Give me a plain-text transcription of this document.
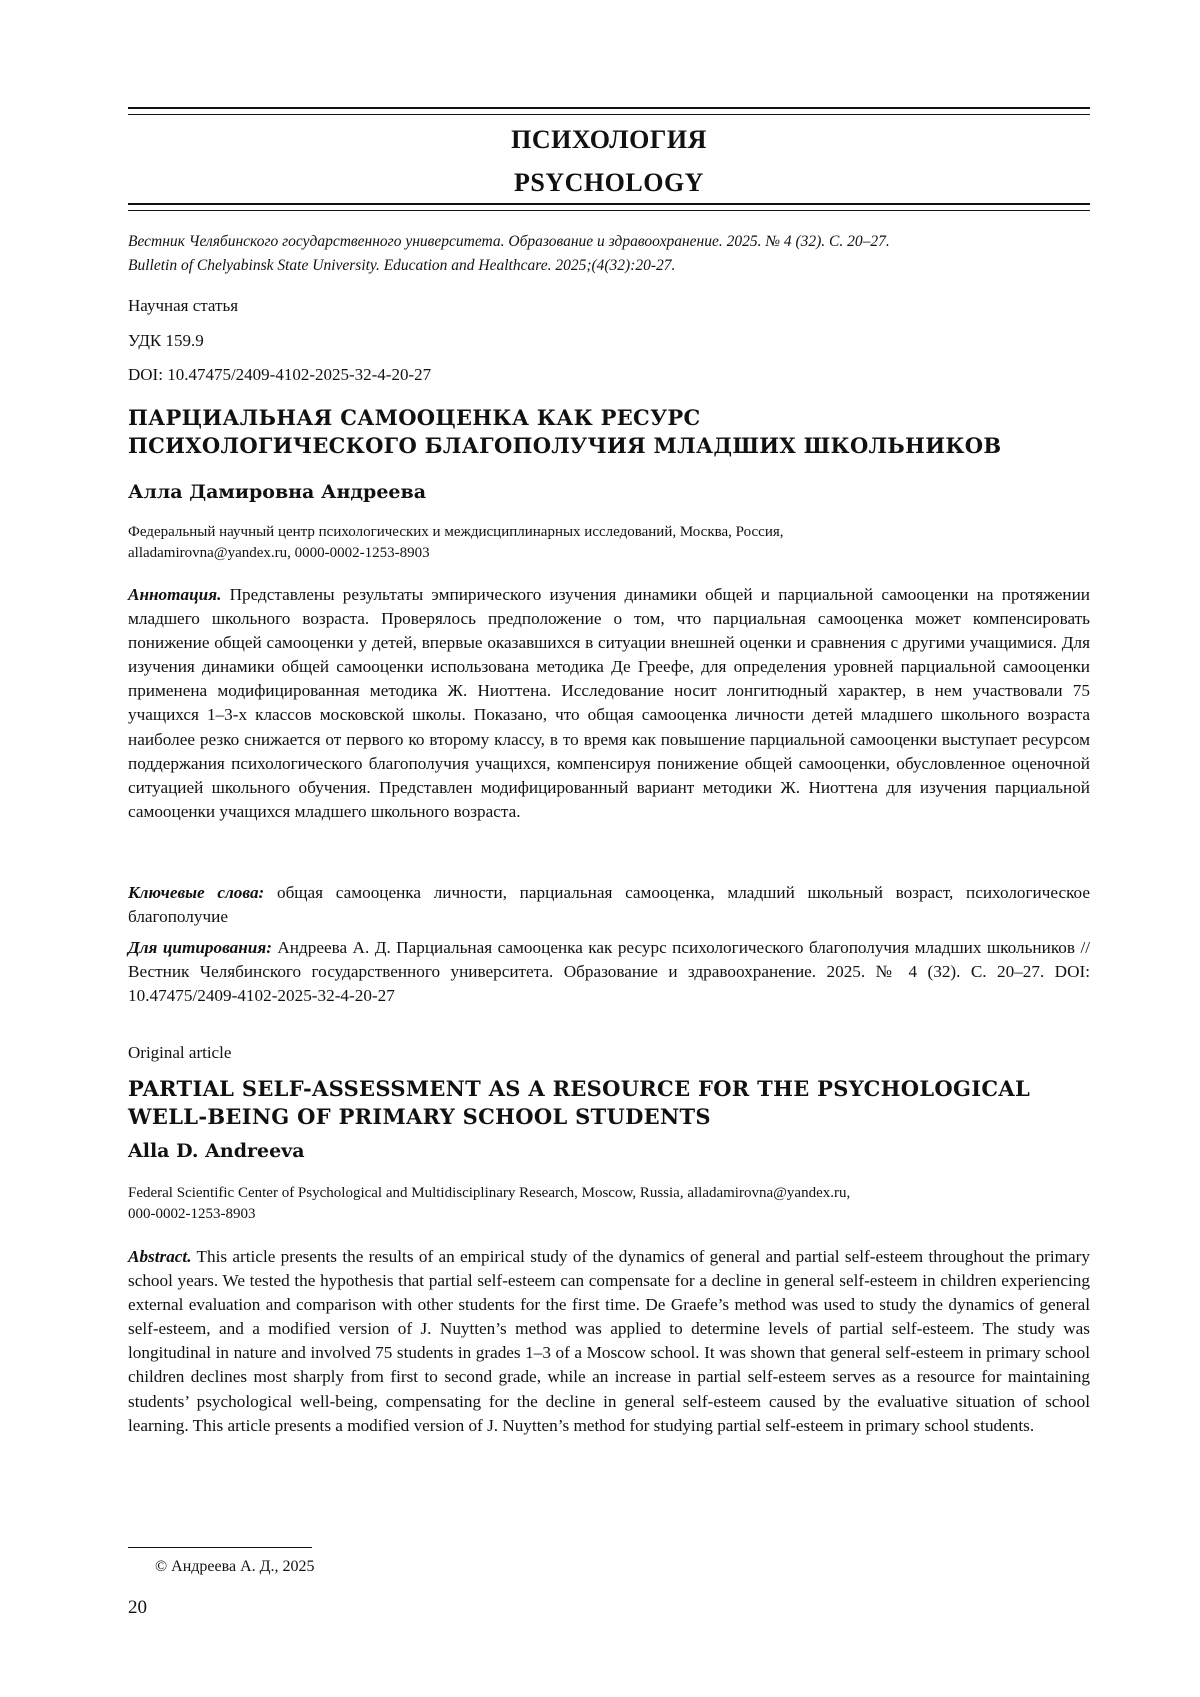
ПСИХОЛОГИЯ
PSYCHOLOGY
Вестник Челябинского государственного университета. Образование и здравоохранение. 2025. № 4 (32). С. 20–27.
Bulletin of Chelyabinsk State University. Education and Healthcare. 2025;(4(32):20-27.
Научная статья
УДК 159.9
DOI: 10.47475/2409-4102-2025-32-4-20-27
ПАРЦИАЛЬНАЯ САМООЦЕНКА КАК РЕСУРС
ПСИХОЛОГИЧЕСКОГО БЛАГОПОЛУЧИЯ МЛАДШИХ ШКОЛЬНИКОВ
Алла Дамировна Андреева
Федеральный научный центр психологических и междисциплинарных исследований, Москва, Россия,
alladamirovna@yandex.ru, 0000-0002-1253-8903
Аннотация. Представлены результаты эмпирического изучения динамики общей и парциальной самооценки на протяжении младшего школьного возраста. Проверялось предположение о том, что парциальная самооценка может компенсировать понижение общей самооценки у детей, впервые оказавшихся в ситуации внешней оценки и сравнения с другими учащимися. Для изучения динамики общей самооценки использована методика Де Греефе, для определения уровней парциальной самооценки применена модифицированная методика Ж. Ниоттена. Исследование носит лонгитюдный характер, в нем участвовали 75 учащихся 1–3-х классов московской школы. Показано, что общая самооценка личности детей младшего школьного возраста наиболее резко снижается от первого ко второму классу, в то время как повышение парциальной самооценки выступает ресурсом поддержания психологического благополучия учащихся, компенсируя понижение общей самооценки, обусловленное оценочной ситуацией школьного обучения. Представлен модифицированный вариант методики Ж. Ниоттена для изучения парциальной самооценки учащихся младшего школьного возраста.
Ключевые слова: общая самооценка личности, парциальная самооценка, младший школьный возраст, психологическое благополучие
Для цитирования: Андреева А. Д. Парциальная самооценка как ресурс психологического благополучия младших школьников // Вестник Челябинского государственного университета. Образование и здравоохранение. 2025. № 4 (32). С. 20–27. DOI: 10.47475/2409-4102-2025-32-4-20-27
Original article
PARTIAL SELF-ASSESSMENT AS A RESOURCE FOR THE PSYCHOLOGICAL
WELL-BEING OF PRIMARY SCHOOL STUDENTS
Alla D. Andreeva
Federal Scientific Center of Psychological and Multidisciplinary Research, Moscow, Russia, alladamirovna@yandex.ru,
000-0002-1253-8903
Abstract. This article presents the results of an empirical study of the dynamics of general and partial self-esteem throughout the primary school years. We tested the hypothesis that partial self-esteem can compensate for a decline in general self-esteem in children experiencing external evaluation and comparison with other students for the first time. De Graefe’s method was used to study the dynamics of general self-esteem, and a modified version of J. Nuytten’s method was applied to determine levels of partial self-esteem. The study was longitudinal in nature and involved 75 students in grades 1–3 of a Moscow school. It was shown that general self-esteem in primary school children declines most sharply from first to second grade, while an increase in partial self-esteem serves as a resource for maintaining students’ psychological well-being, compensating for the decline in general self-esteem caused by the evaluative situation of school learning. This article presents a modified version of J. Nuytten’s method for studying partial self-esteem in primary school students.
© Андреева А. Д., 2025
20
